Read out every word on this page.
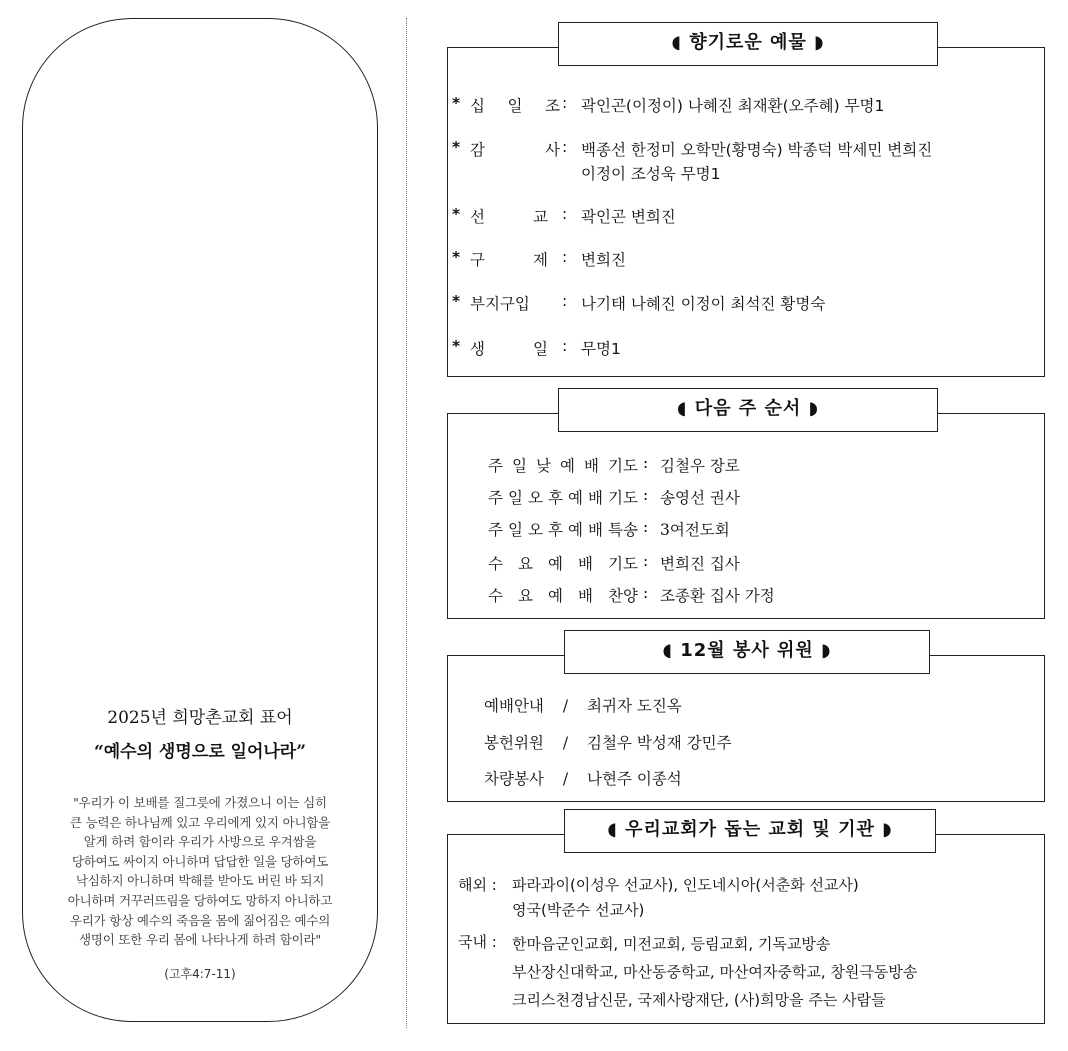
2025년 희망촌교회 표어
“예수의 생명으로 일어나라”
"우리가 이 보배를 질그릇에 가졌으니 이는 심히
큰 능력은 하나님께 있고 우리에게 있지 아니함을
알게 하려 함이라 우리가 사방으로 우겨쌈을
당하여도 싸이지 아니하며 답답한 일을 당하여도
낙심하지 아니하며 박해를 받아도 버린 바 되지
아니하며 거꾸러뜨림을 당하여도 망하지 아니하고
우리가 항상 예수의 죽음을 몸에 짊어짐은 예수의
생명이 또한 우리 몸에 나타나게 하려 함이라"
(고후4:7-11)
◖ 향기로운 예물 ◗
* 십 일 조 : 곽인곤(이정이) 나혜진 최재환(오주혜) 무명1
* 감	사 : 백종선 한정미 오학만(황명숙) 박종덕 박세민 변희진
이정이 조성욱 무명1
* 선	교 : 곽인곤 변희진
* 구	제 : 변희진
* 부지구입	: 나기태 나혜진 이정이 최석진 황명숙
* 생	일 : 무명1
◖ 다음 주 순서 ◗
주 일 낮 예 배 기도 : 김철우 장로
주 일 오 후 예 배 기도 : 송영선 권사
주 일 오 후 예 배 특송 : 3여전도회
수 요 예 배 기도 : 변희진 집사
수 요 예 배 찬양 : 조종환 집사 가정
◖ 12월 봉사 위원 ◗
예배안내 / 최귀자 도진옥
봉헌위원 / 김철우 박성재 강민주
차량봉사 / 나현주 이종석
◖ 우리교회가 돕는 교회 및 기관 ◗
해외 : 파라과이(이성우 선교사), 인도네시아(서춘화 선교사)
영국(박준수 선교사)
국내 : 한마음군인교회, 미전교회, 등림교회, 기독교방송
부산장신대학교, 마산동중학교, 마산여자중학교, 창원극동방송
크리스천경남신문, 국제사랑재단, (사)희망을 주는 사람들
